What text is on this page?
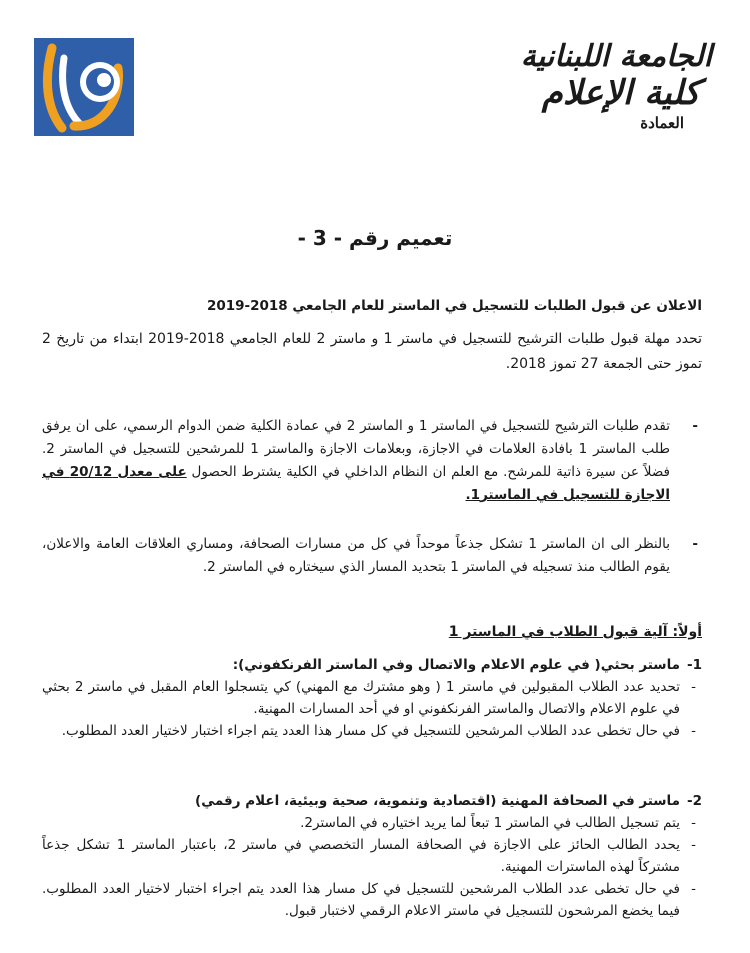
الجامعة اللبنانية
كلية الإعلام
العمادة
تعميم رقم - 3 -
الاعلان عن قبول الطلبات للتسجيل في الماستر للعام الجامعي 2018-2019
تحدد مهلة قبول طلبات الترشيح للتسجيل في ماستر 1 و ماستر 2 للعام الجامعي 2018-2019 ابتداء من تاريخ 2 تموز حتى الجمعة 27 تموز 2018.
- تقدم طلبات الترشيح للتسجيل في الماستر 1 و الماستر 2 في عمادة الكلية ضمن الدوام الرسمي، على ان يرفق طلب الماستر 1 بافادة العلامات في الاجازة، وبعلامات الاجازة والماستر 1 للمرشحين للتسجيل في الماستر 2. فضلاً عن سيرة ذاتية للمرشح. مع العلم ان النظام الداخلي في الكلية يشترط الحصول على معدل 20/12 في الاجازة للتسجيل في الماستر1.
- بالنظر الى ان الماستر 1 تشكل جذعاً موحداً في كل من مسارات الصحافة، ومساري العلاقات العامة والاعلان، يقوم الطالب منذ تسجيله في الماستر 1 بتحديد المسار الذي سيختاره في الماستر 2.
أولاً: آلية قبول الطلاب في الماستر 1
1-
ماستر بحثي( في علوم الاعلام والاتصال وفي الماستر الفرنكفوني):
- تحديد عدد الطلاب المقبولين في ماستر 1 ( وهو مشترك مع المهني) كي يتسجلوا العام المقبل في ماستر 2 بحثي في علوم الاعلام والاتصال والماستر الفرنكفوني او في أحد المسارات المهنية.
- في حال تخطى عدد الطلاب المرشحين للتسجيل في كل مسار هذا العدد يتم اجراء اختبار لاختيار العدد المطلوب.
2-
ماستر في الصحافة المهنية (اقتصادية وتنموية، صحية وبيئية، اعلام رقمي)
- يتم تسجيل الطالب في الماستر 1 تبعاً لما يريد اختياره في الماستر2.
- يحدد الطالب الحائز على الاجازة في الصحافة المسار التخصصي في ماستر 2، باعتبار الماستر 1 تشكل جذعاً مشتركاً لهذه الماسترات المهنية.
- في حال تخطى عدد الطلاب المرشحين للتسجيل في كل مسار هذا العدد يتم اجراء اختبار لاختيار العدد المطلوب. فيما يخضع المرشحون للتسجيل في ماستر الاعلام الرقمي لاختبار قبول.
